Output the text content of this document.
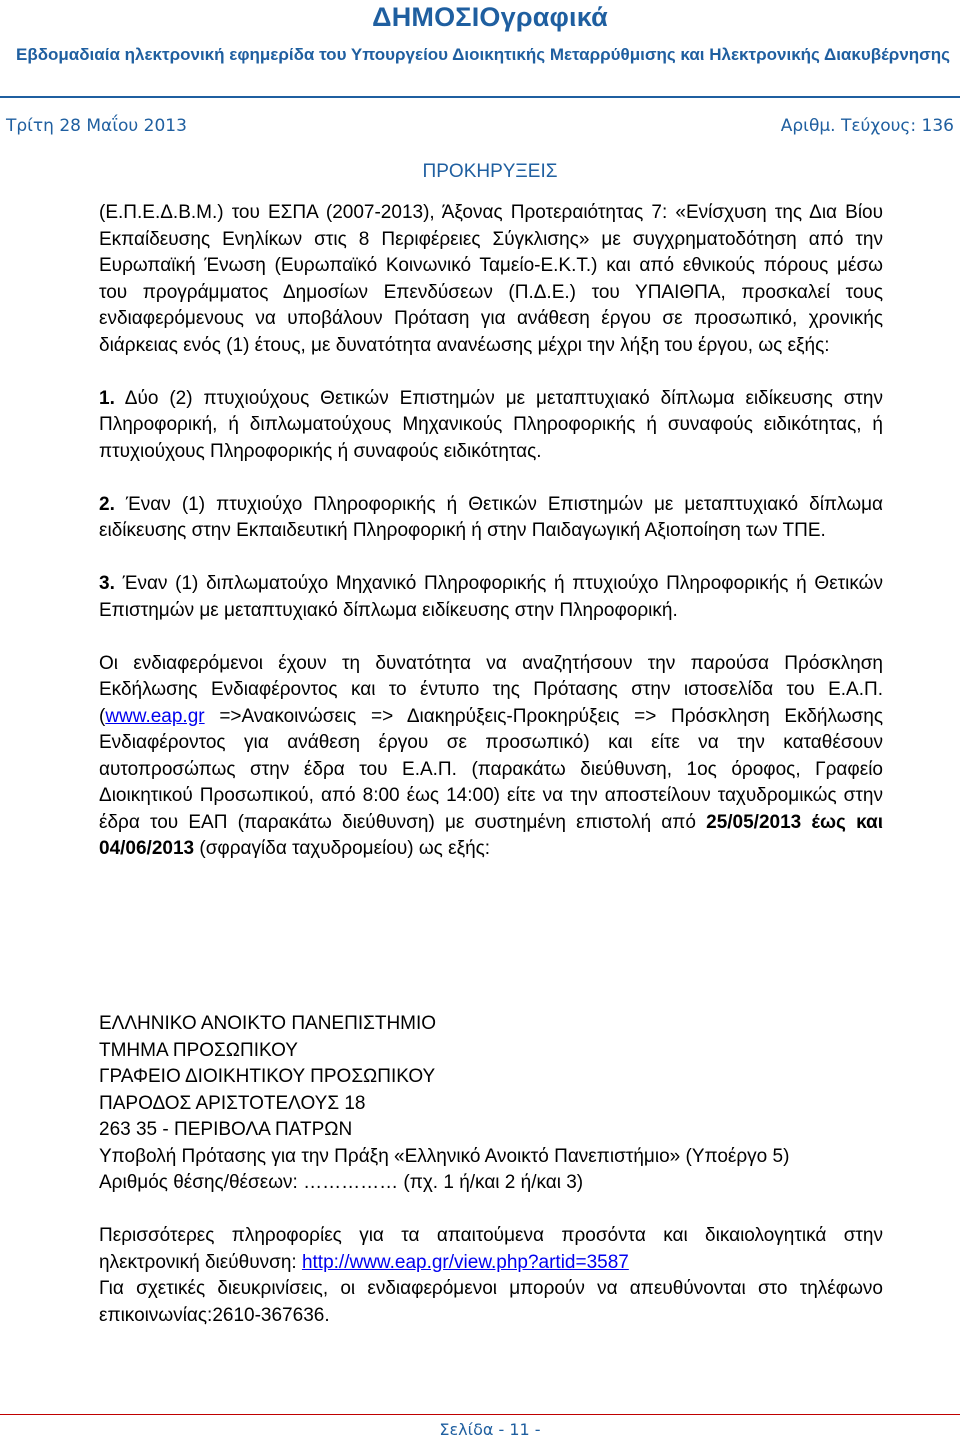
ΔΗΜΟΣΙΟγραφικά
Εβδομαδιαία ηλεκτρονική εφημερίδα του Υπουργείου Διοικητικής Μεταρρύθμισης και Ηλεκτρονικής Διακυβέρνησης
Τρίτη 28 Μαΐου 2013	Αριθμ. Τεύχους: 136
ΠΡΟΚΗΡΥΞΕΙΣ

(Ε.Π.Ε.Δ.Β.Μ.) του ΕΣΠΑ (2007-2013), Άξονας Προτεραιότητας 7: «Ενίσχυση της Δια Βίου Εκπαίδευσης Ενηλίκων στις 8 Περιφέρειες Σύγκλισης» με συγχρηματοδότηση από την Ευρωπαϊκή Ένωση (Ευρωπαϊκό Κοινωνικό Ταμείο-Ε.Κ.Τ.) και από εθνικούς πόρους μέσω του προγράμματος Δημοσίων Επενδύσεων (Π.Δ.Ε.) του ΥΠΑΙΘΠΑ, προσκαλεί τους ενδιαφερόμενους να υποβάλουν Πρόταση για ανάθεση έργου σε προσωπικό, χρονικής διάρκειας ενός (1) έτους, με δυνατότητα ανανέωσης μέχρι την λήξη του έργου, ως εξής:

1. Δύο (2) πτυχιούχους Θετικών Επιστημών με μεταπτυχιακό δίπλωμα ειδίκευσης στην Πληροφορική, ή διπλωματούχους Μηχανικούς Πληροφορικής ή συναφούς ειδικότητας, ή πτυχιούχους Πληροφορικής ή συναφούς ειδικότητας.

2. Έναν (1) πτυχιούχο Πληροφορικής ή Θετικών Επιστημών με μεταπτυχιακό δίπλωμα ειδίκευσης στην Εκπαιδευτική Πληροφορική ή στην Παιδαγωγική Αξιοποίηση των ΤΠΕ.

3. Έναν (1) διπλωματούχο Μηχανικό Πληροφορικής ή πτυχιούχο Πληροφορικής ή Θετικών Επιστημών με μεταπτυχιακό δίπλωμα ειδίκευσης στην Πληροφορική.

Οι ενδιαφερόμενοι έχουν τη δυνατότητα να αναζητήσουν την παρούσα Πρόσκληση Εκδήλωσης Ενδιαφέροντος και το έντυπο της Πρότασης στην ιστοσελίδα του Ε.Α.Π. (www.eap.gr =>Ανακοινώσεις => Διακηρύξεις-Προκηρύξεις => Πρόσκληση Εκδήλωσης Ενδιαφέροντος για ανάθεση έργου σε προσωπικό) και είτε να την καταθέσουν αυτοπροσώπως στην έδρα του Ε.Α.Π. (παρακάτω διεύθυνση, 1ος όροφος, Γραφείο Διοικητικού Προσωπικού, από 8:00 έως 14:00) είτε να την αποστείλουν ταχυδρομικώς στην έδρα του ΕΑΠ (παρακάτω διεύθυνση) με συστημένη επιστολή από 25/05/2013 έως και 04/06/2013 (σφραγίδα ταχυδρομείου) ως εξής:

ΕΛΛΗΝΙΚΟ ΑΝΟΙΚΤΟ ΠΑΝΕΠΙΣΤΗΜΙΟ
ΤΜΗΜΑ ΠΡΟΣΩΠΙΚΟΥ
ΓΡΑΦΕΙΟ ΔΙΟΙΚΗΤΙΚΟΥ ΠΡΟΣΩΠΙΚΟΥ
ΠΑΡΟΔΟΣ ΑΡΙΣΤΟΤΕΛΟΥΣ 18
263 35 - ΠΕΡΙΒΟΛΑ ΠΑΤΡΩΝ
Υποβολή Πρότασης για την Πράξη «Ελληνικό Ανοικτό Πανεπιστήμιο» (Υποέργο 5)
Αριθμός θέσης/θέσεων: …………… (πχ. 1 ή/και 2 ή/και 3)

Περισσότερες πληροφορίες για τα απαιτούμενα προσόντα και δικαιολογητικά στην ηλεκτρονική διεύθυνση: http://www.eap.gr/view.php?artid=3587
Για σχετικές διευκρινίσεις, οι ενδιαφερόμενοι μπορούν να απευθύνονται στο τηλέφωνο επικοινωνίας:2610-367636.

Σελίδα - 11 -
